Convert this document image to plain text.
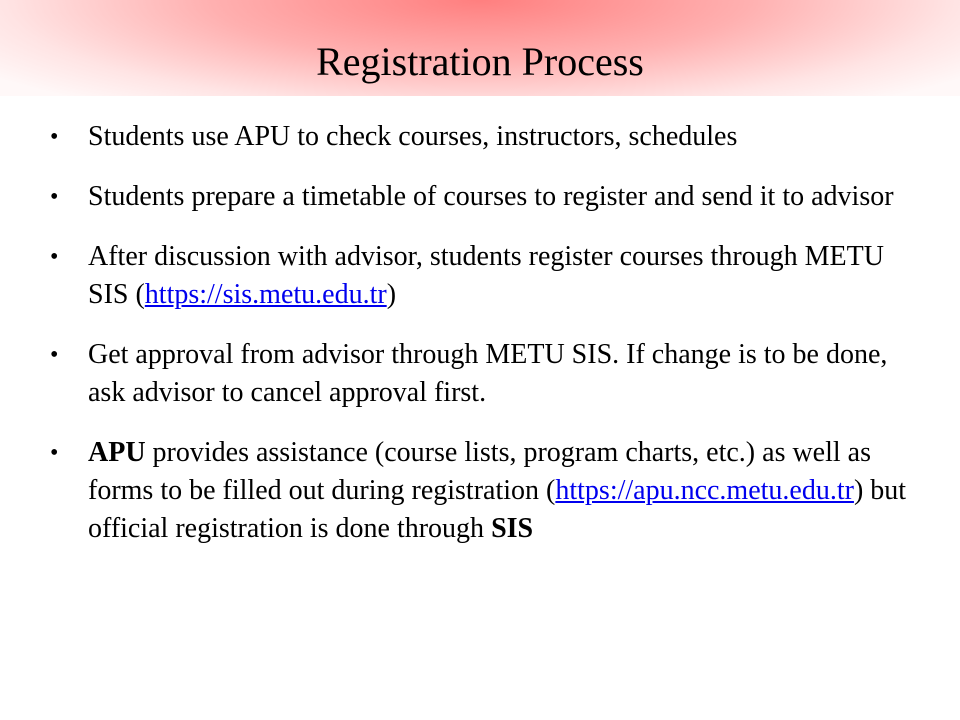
Registration Process
• Students use APU to check courses, instructors, schedules
• Students prepare a timetable of courses to register and send it to advisor
• After discussion with advisor, students register courses through METU SIS (https://sis.metu.edu.tr)
• Get approval from advisor through METU SIS. If change is to be done, ask advisor to cancel approval first.
• APU provides assistance (course lists, program charts, etc.) as well as forms to be filled out during registration (https://apu.ncc.metu.edu.tr) but official registration is done through SIS
